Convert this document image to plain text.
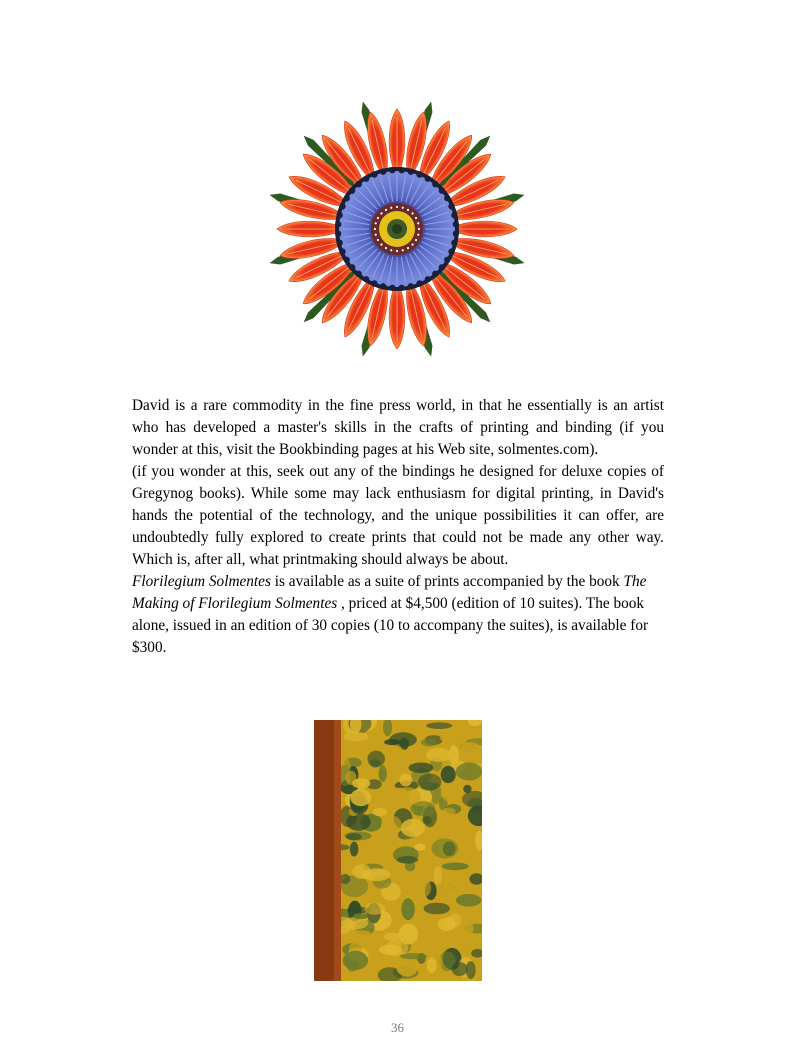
David is a rare commodity in the fine press world, in that he essentially is an artist who has developed a master's skills in the crafts of printing and binding (if you wonder at this, visit the Bookbinding pages at his Web site, solmentes.com).

(if you wonder at this, seek out any of the bindings he designed for deluxe copies of Gregynog books). While some may lack enthusiasm for digital printing, in David's hands the potential of the technology, and the unique possibilities it can offer, are undoubtedly fully explored to create prints that could not be made any other way. Which is, after all, what printmaking should always be about.

Florilegium Solmentes is available as a suite of prints accompanied by the book The Making of Florilegium Solmentes , priced at $4,500 (edition of 10 suites). The book alone, issued in an edition of 30 copies (10 to accompany the suites), is available for $300.

36
